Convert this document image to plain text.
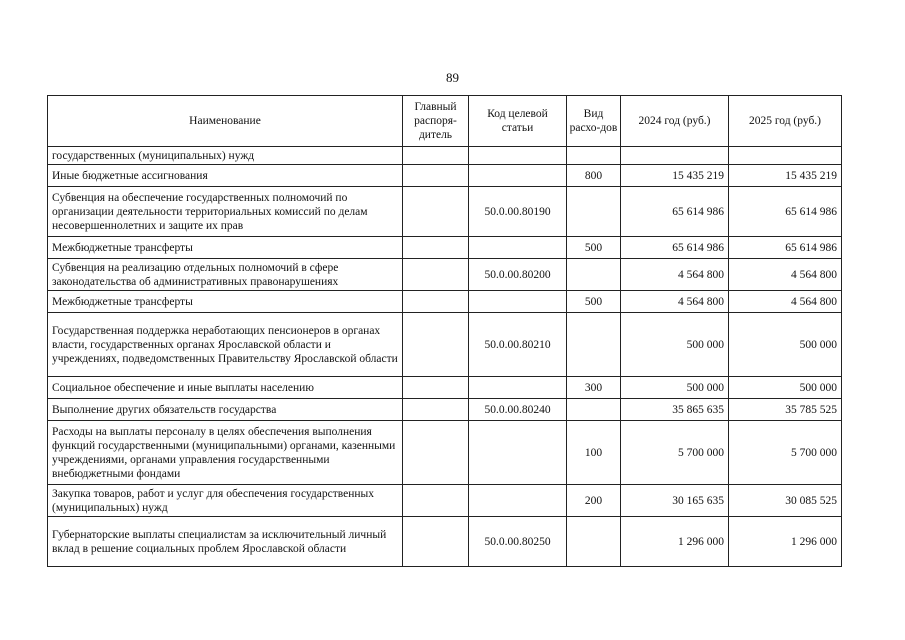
89
Наименование	Главный распоря-дитель	Код целевой статьи	Вид расхо-дов	2024 год (руб.)	2025 год (руб.)
государственных (муниципальных) нужд					
Иные бюджетные ассигнования			800	15 435 219	15 435 219
Субвенция на обеспечение государственных полномочий по организации деятельности территориальных комиссий по делам несовершеннолетних и защите их прав		50.0.00.80190		65 614 986	65 614 986
Межбюджетные трансферты			500	65 614 986	65 614 986
Субвенция на реализацию отдельных полномочий в сфере законодательства об административных правонарушениях		50.0.00.80200		4 564 800	4 564 800
Межбюджетные трансферты			500	4 564 800	4 564 800
Государственная поддержка неработающих пенсионеров в органах власти, государственных органах Ярославской области и учреждениях, подведомственных Правительству Ярославской области		50.0.00.80210		500 000	500 000
Социальное обеспечение и иные выплаты населению			300	500 000	500 000
Выполнение других обязательств государства		50.0.00.80240		35 865 635	35 785 525
Расходы на выплаты персоналу в целях обеспечения выполнения функций государственными (муниципальными) органами, казенными учреждениями, органами управления государственными внебюджетными фондами			100	5 700 000	5 700 000
Закупка товаров, работ и услуг для обеспечения государственных (муниципальных) нужд			200	30 165 635	30 085 525
Губернаторские выплаты специалистам за исключительный личный вклад в решение социальных проблем Ярославской области		50.0.00.80250		1 296 000	1 296 000
